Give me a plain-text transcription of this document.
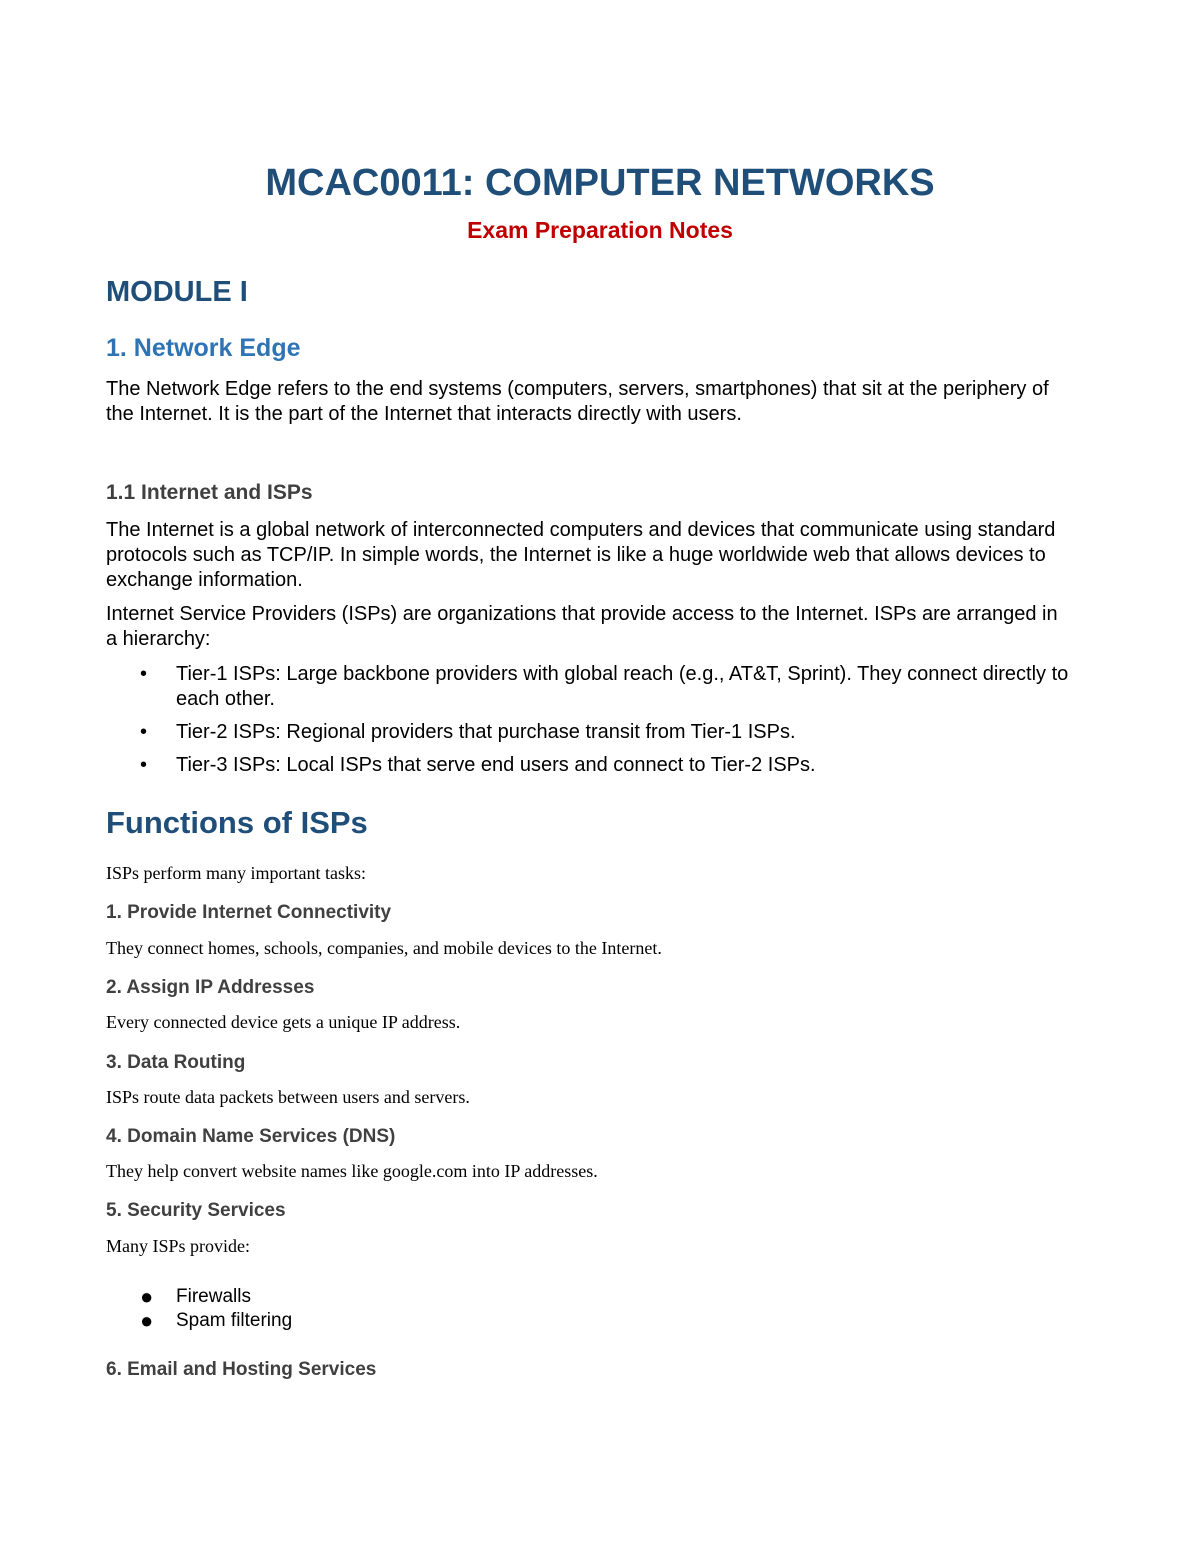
MCAC0011: COMPUTER NETWORKS
Exam Preparation Notes
MODULE I
1. Network Edge

The Network Edge refers to the end systems (computers, servers, smartphones) that sit at the periphery of the Internet. It is the part of the Internet that interacts directly with users.

1.1 Internet and ISPs

The Internet is a global network of interconnected computers and devices that communicate using standard protocols such as TCP/IP. In simple words, the Internet is like a huge worldwide web that allows devices to exchange information.

Internet Service Providers (ISPs) are organizations that provide access to the Internet. ISPs are arranged in a hierarchy:

• Tier-1 ISPs: Large backbone providers with global reach (e.g., AT&T, Sprint). They connect directly to each other.
• Tier-2 ISPs: Regional providers that purchase transit from Tier-1 ISPs.
• Tier-3 ISPs: Local ISPs that serve end users and connect to Tier-2 ISPs.
Functions of ISPs

ISPs perform many important tasks:

1. Provide Internet Connectivity

They connect homes, schools, companies, and mobile devices to the Internet.

2. Assign IP Addresses

Every connected device gets a unique IP address.

3. Data Routing

ISPs route data packets between users and servers.

4. Domain Name Services (DNS)

They help convert website names like google.com into IP addresses.

5. Security Services

Many ISPs provide:

● Firewalls
● Spam filtering
6. Email and Hosting Services
